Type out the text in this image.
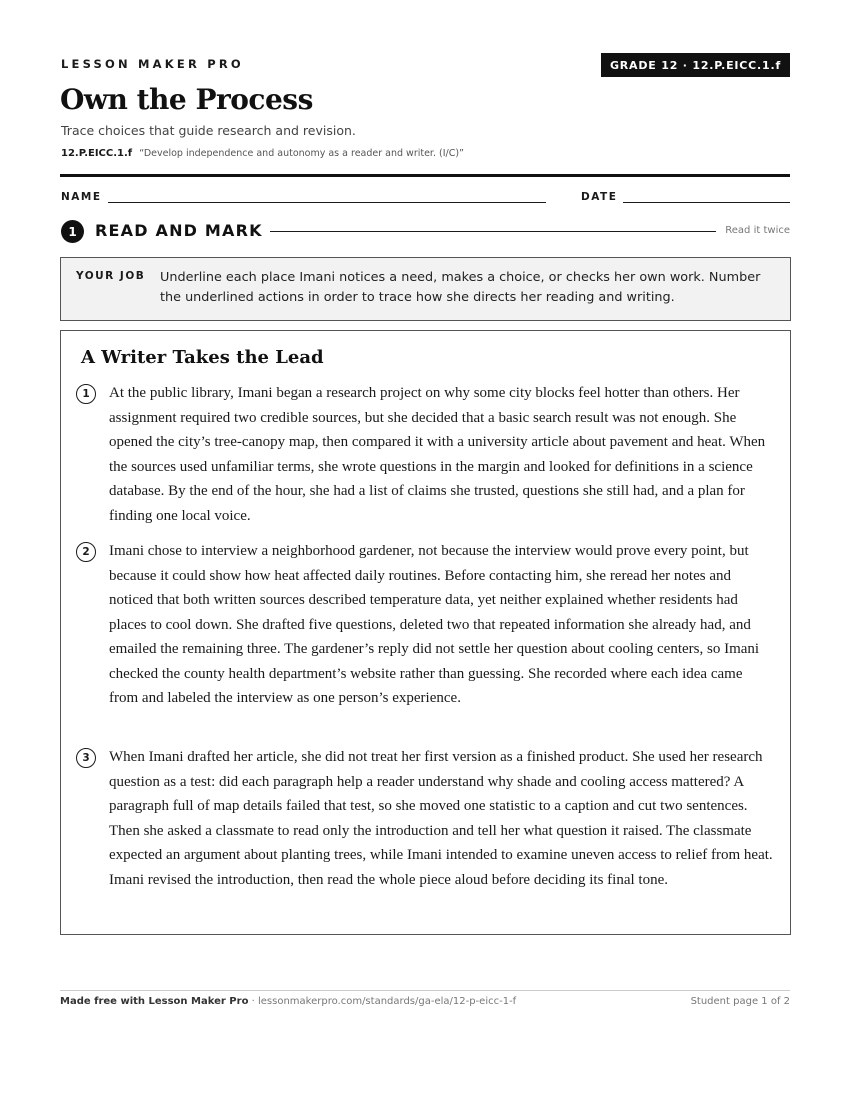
LESSON MAKER PRO	GRADE 12 · 12.P.EICC.1.f
Own the Process
Trace choices that guide research and revision.
12.P.EICC.1.f “Develop independence and autonomy as a reader and writer. (I/C)”
NAME	DATE
1	READ AND MARK	Read it twice
YOUR JOB Underline each place Imani notices a need, makes a choice, or checks her own work. Number the underlined actions in order to trace how she directs her reading and writing.
A Writer Takes the Lead
1	At the public library, Imani began a research project on why some city blocks feel hotter than others. Her assignment required two credible sources, but she decided that a basic search result was not enough. She opened the city’s tree-canopy map, then compared it with a university article about pavement and heat. When the sources used unfamiliar terms, she wrote questions in the margin and looked for definitions in a science database. By the end of the hour, she had a list of claims she trusted, questions she still had, and a plan for finding one local voice.
2	Imani chose to interview a neighborhood gardener, not because the interview would prove every point, but because it could show how heat affected daily routines. Before contacting him, she reread her notes and noticed that both written sources described temperature data, yet neither explained whether residents had places to cool down. She drafted five questions, deleted two that repeated information she already had, and emailed the remaining three. The gardener’s reply did not settle her question about cooling centers, so Imani checked the county health department’s website rather than guessing. She recorded where each idea came from and labeled the interview as one person’s experience.
3	When Imani drafted her article, she did not treat her first version as a finished product. She used her research question as a test: did each paragraph help a reader understand why shade and cooling access mattered? A paragraph full of map details failed that test, so she moved one statistic to a caption and cut two sentences. Then she asked a classmate to read only the introduction and tell her what question it raised. The classmate expected an argument about planting trees, while Imani intended to examine uneven access to relief from heat. Imani revised the introduction, then read the whole piece aloud before deciding its final tone.
Made free with Lesson Maker Pro · lessonmakerpro.com/standards/ga-ela/12-p-eicc-1-f	Student page 1 of 2
